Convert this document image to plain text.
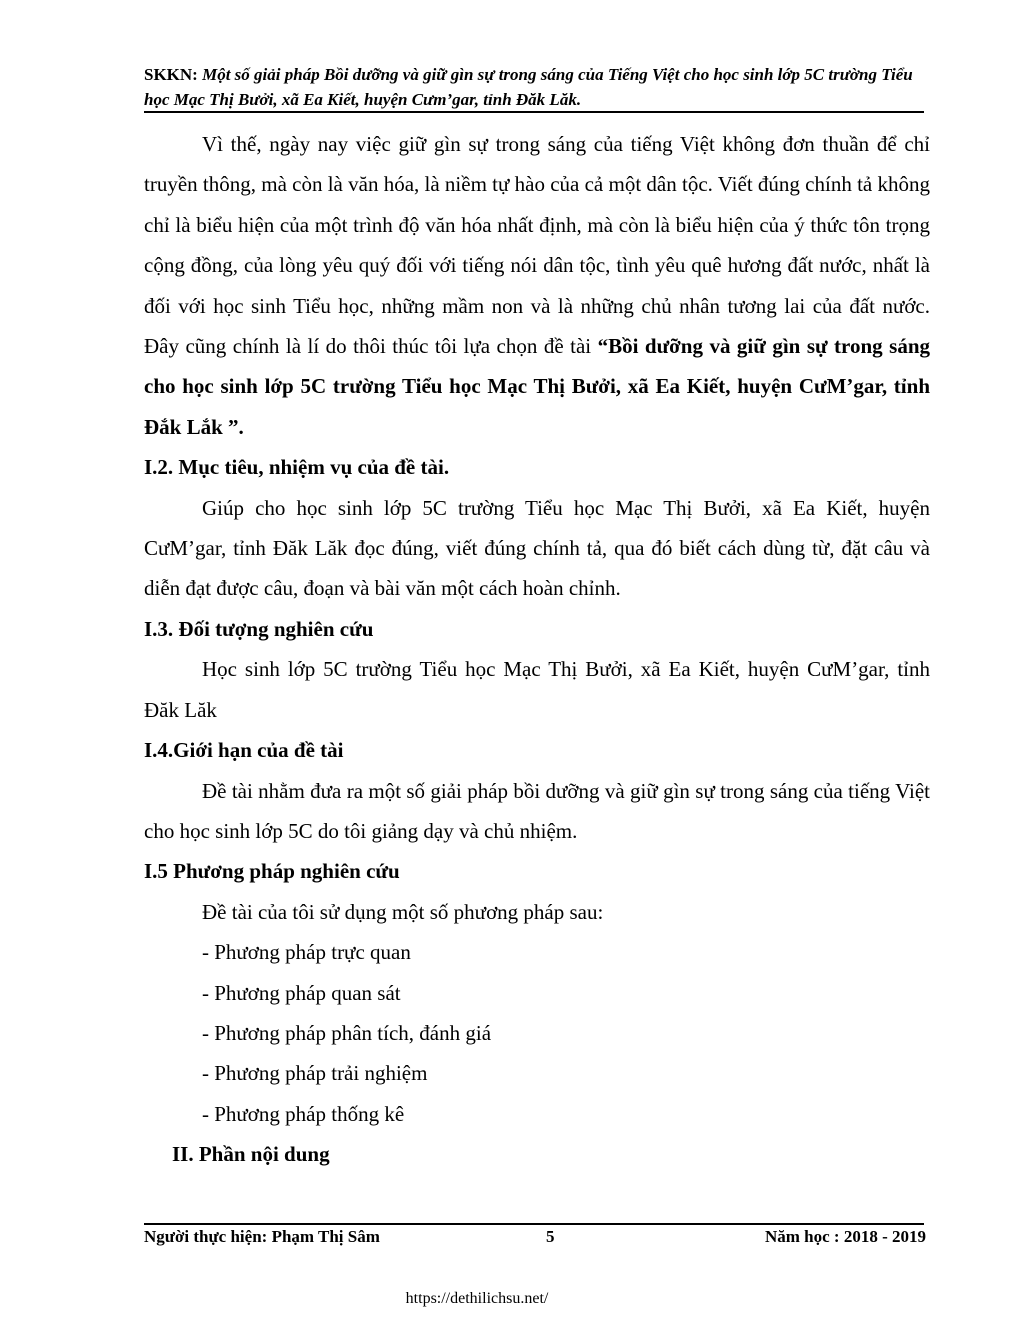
SKKN: Một số giải pháp Bồi dưỡng và giữ gìn sự trong sáng của Tiếng Việt cho học sinh lớp 5C trường Tiểu học Mạc Thị Bưởi, xã Ea Kiết, huyện Cưm’gar, tỉnh Đăk Lăk.

Vì thế, ngày nay việc giữ gìn sự trong sáng của tiếng Việt không đơn thuần để chỉ truyền thông, mà còn là văn hóa, là niềm tự hào của cả một dân tộc. Viết đúng chính tả không chỉ là biểu hiện của một trình độ văn hóa nhất định, mà còn là biểu hiện của ý thức tôn trọng cộng đồng, của lòng yêu quý đối với tiếng nói dân tộc, tình yêu quê hương đất nước, nhất là đối với học sinh Tiểu học, những mầm non và là những chủ nhân tương lai của đất nước. Đây cũng chính là lí do thôi thúc tôi lựa chọn đề tài “Bồi dưỡng và giữ gìn sự trong sáng cho học sinh lớp 5C trường Tiểu học Mạc Thị Bưởi, xã Ea Kiết, huyện CưM’gar, tỉnh Đắk Lắk ”.

I.2. Mục tiêu, nhiệm vụ của đề tài.

Giúp cho học sinh lớp 5C trường Tiểu học Mạc Thị Bưởi, xã Ea Kiết, huyện CưM’gar, tỉnh Đăk Lăk đọc đúng, viết đúng chính tả, qua đó biết cách dùng từ, đặt câu và diễn đạt được câu, đoạn và bài văn một cách hoàn chỉnh.

I.3. Đối tượng nghiên cứu

Học sinh lớp 5C trường Tiểu học Mạc Thị Bưởi, xã Ea Kiết, huyện CưM’gar, tỉnh Đăk Lăk

I.4.Giới hạn của đề tài

Đề tài nhằm đưa ra một số giải pháp bồi dưỡng và giữ gìn sự trong sáng của tiếng Việt cho học sinh lớp 5C do tôi giảng dạy và chủ nhiệm.

I.5 Phương pháp nghiên cứu

Đề tài của tôi sử dụng một số phương pháp sau:

- Phương pháp trực quan

- Phương pháp quan sát

- Phương pháp phân tích, đánh giá

- Phương pháp trải nghiệm

- Phương pháp thống kê

II. Phần nội dung

Người thực hiện: Phạm Thị Sâm	5	Năm học : 2018 - 2019
https://dethilichsu.net/
